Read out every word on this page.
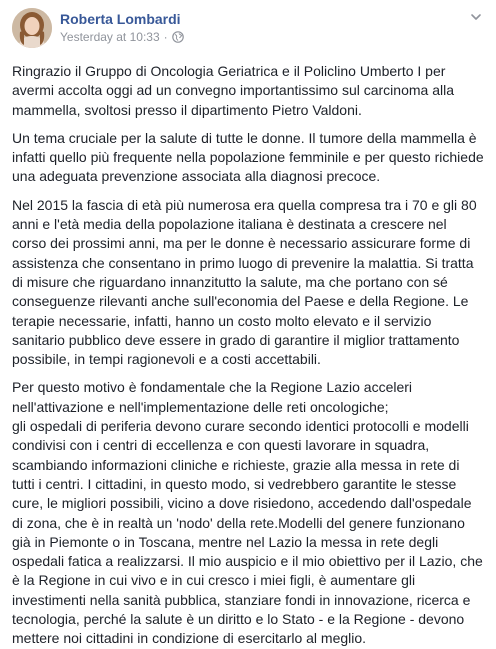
Roberta Lombardi
Yesterday at 10:33 ·

Ringrazio il Gruppo di Oncologia Geriatrica e il Policlino Umberto I per avermi accolta oggi ad un convegno importantissimo sul carcinoma alla mammella, svoltosi presso il dipartimento Pietro Valdoni.

Un tema cruciale per la salute di tutte le donne. Il tumore della mammella è infatti quello più frequente nella popolazione femminile e per questo richiede una adeguata prevenzione associata alla diagnosi precoce.

Nel 2015 la fascia di età più numerosa era quella compresa tra i 70 e gli 80 anni e l'età media della popolazione italiana è destinata a crescere nel corso dei prossimi anni, ma per le donne è necessario assicurare forme di assistenza che consentano in primo luogo di prevenire la malattia. Si tratta di misure che riguardano innanzitutto la salute, ma che portano con sé conseguenze rilevanti anche sull'economia del Paese e della Regione. Le terapie necessarie, infatti, hanno un costo molto elevato e il servizio sanitario pubblico deve essere in grado di garantire il miglior trattamento possibile, in tempi ragionevoli e a costi accettabili.

Per questo motivo è fondamentale che la Regione Lazio acceleri nell'attivazione e nell'implementazione delle reti oncologiche;
gli ospedali di periferia devono curare secondo identici protocolli e modelli condivisi con i centri di eccellenza e con questi lavorare in squadra, scambiando informazioni cliniche e richieste, grazie alla messa in rete di tutti i centri. I cittadini, in questo modo, si vedrebbero garantite le stesse cure, le migliori possibili, vicino a dove risiedono, accedendo dall'ospedale di zona, che è in realtà un 'nodo' della rete.Modelli del genere funzionano già in Piemonte o in Toscana, mentre nel Lazio la messa in rete degli ospedali fatica a realizzarsi. Il mio auspicio e il mio obiettivo per il Lazio, che è la Regione in cui vivo e in cui cresco i miei figli, è aumentare gli investimenti nella sanità pubblica, stanziare fondi in innovazione, ricerca e tecnologia, perché la salute è un diritto e lo Stato - e la Regione - devono mettere noi cittadini in condizione di esercitarlo al meglio.
